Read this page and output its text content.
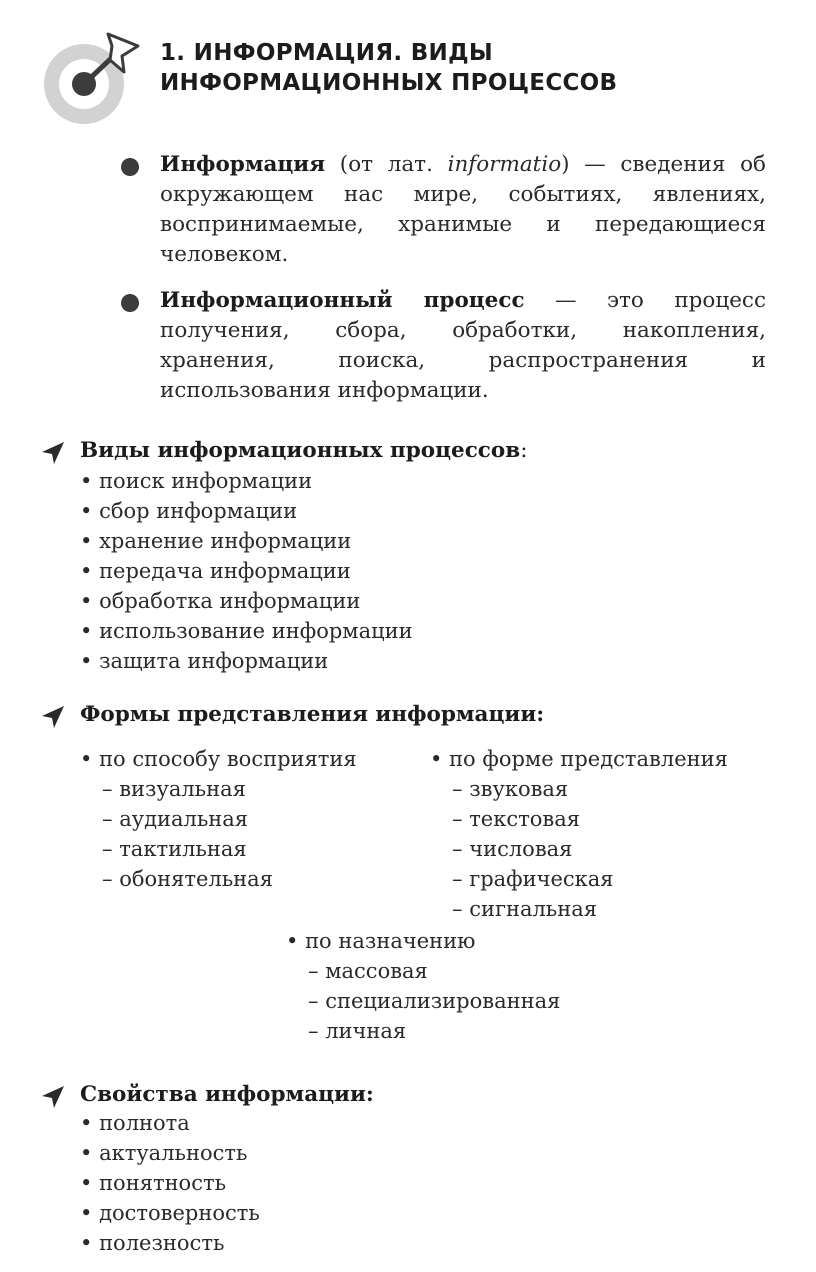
1. ИНФОРМАЦИЯ. ВИДЫ
ИНФОРМАЦИОННЫХ ПРОЦЕССОВ
Информация (от лат. informatio) — сведения об окружающем нас мире, событиях, явлениях, воспринимаемые, хранимые и передающиеся человеком.
Информационный процесс — это процесс получения, сбора, обработки, накопления, хранения, поиска, распространения и использования информации.
Виды информационных процессов:
• поиск информации
• сбор информации
• хранение информации
• передача информации
• обработка информации
• использование информации
• защита информации
Формы представления информации:
• по способу восприятия
– визуальная
– аудиальная
– тактильная
– обонятельная
• по форме представления
– звуковая
– текстовая
– числовая
– графическая
– сигнальная
• по назначению
– массовая
– специализированная
– личная
Свойства информации:
• полнота
• актуальность
• понятность
• достоверность
• полезность
